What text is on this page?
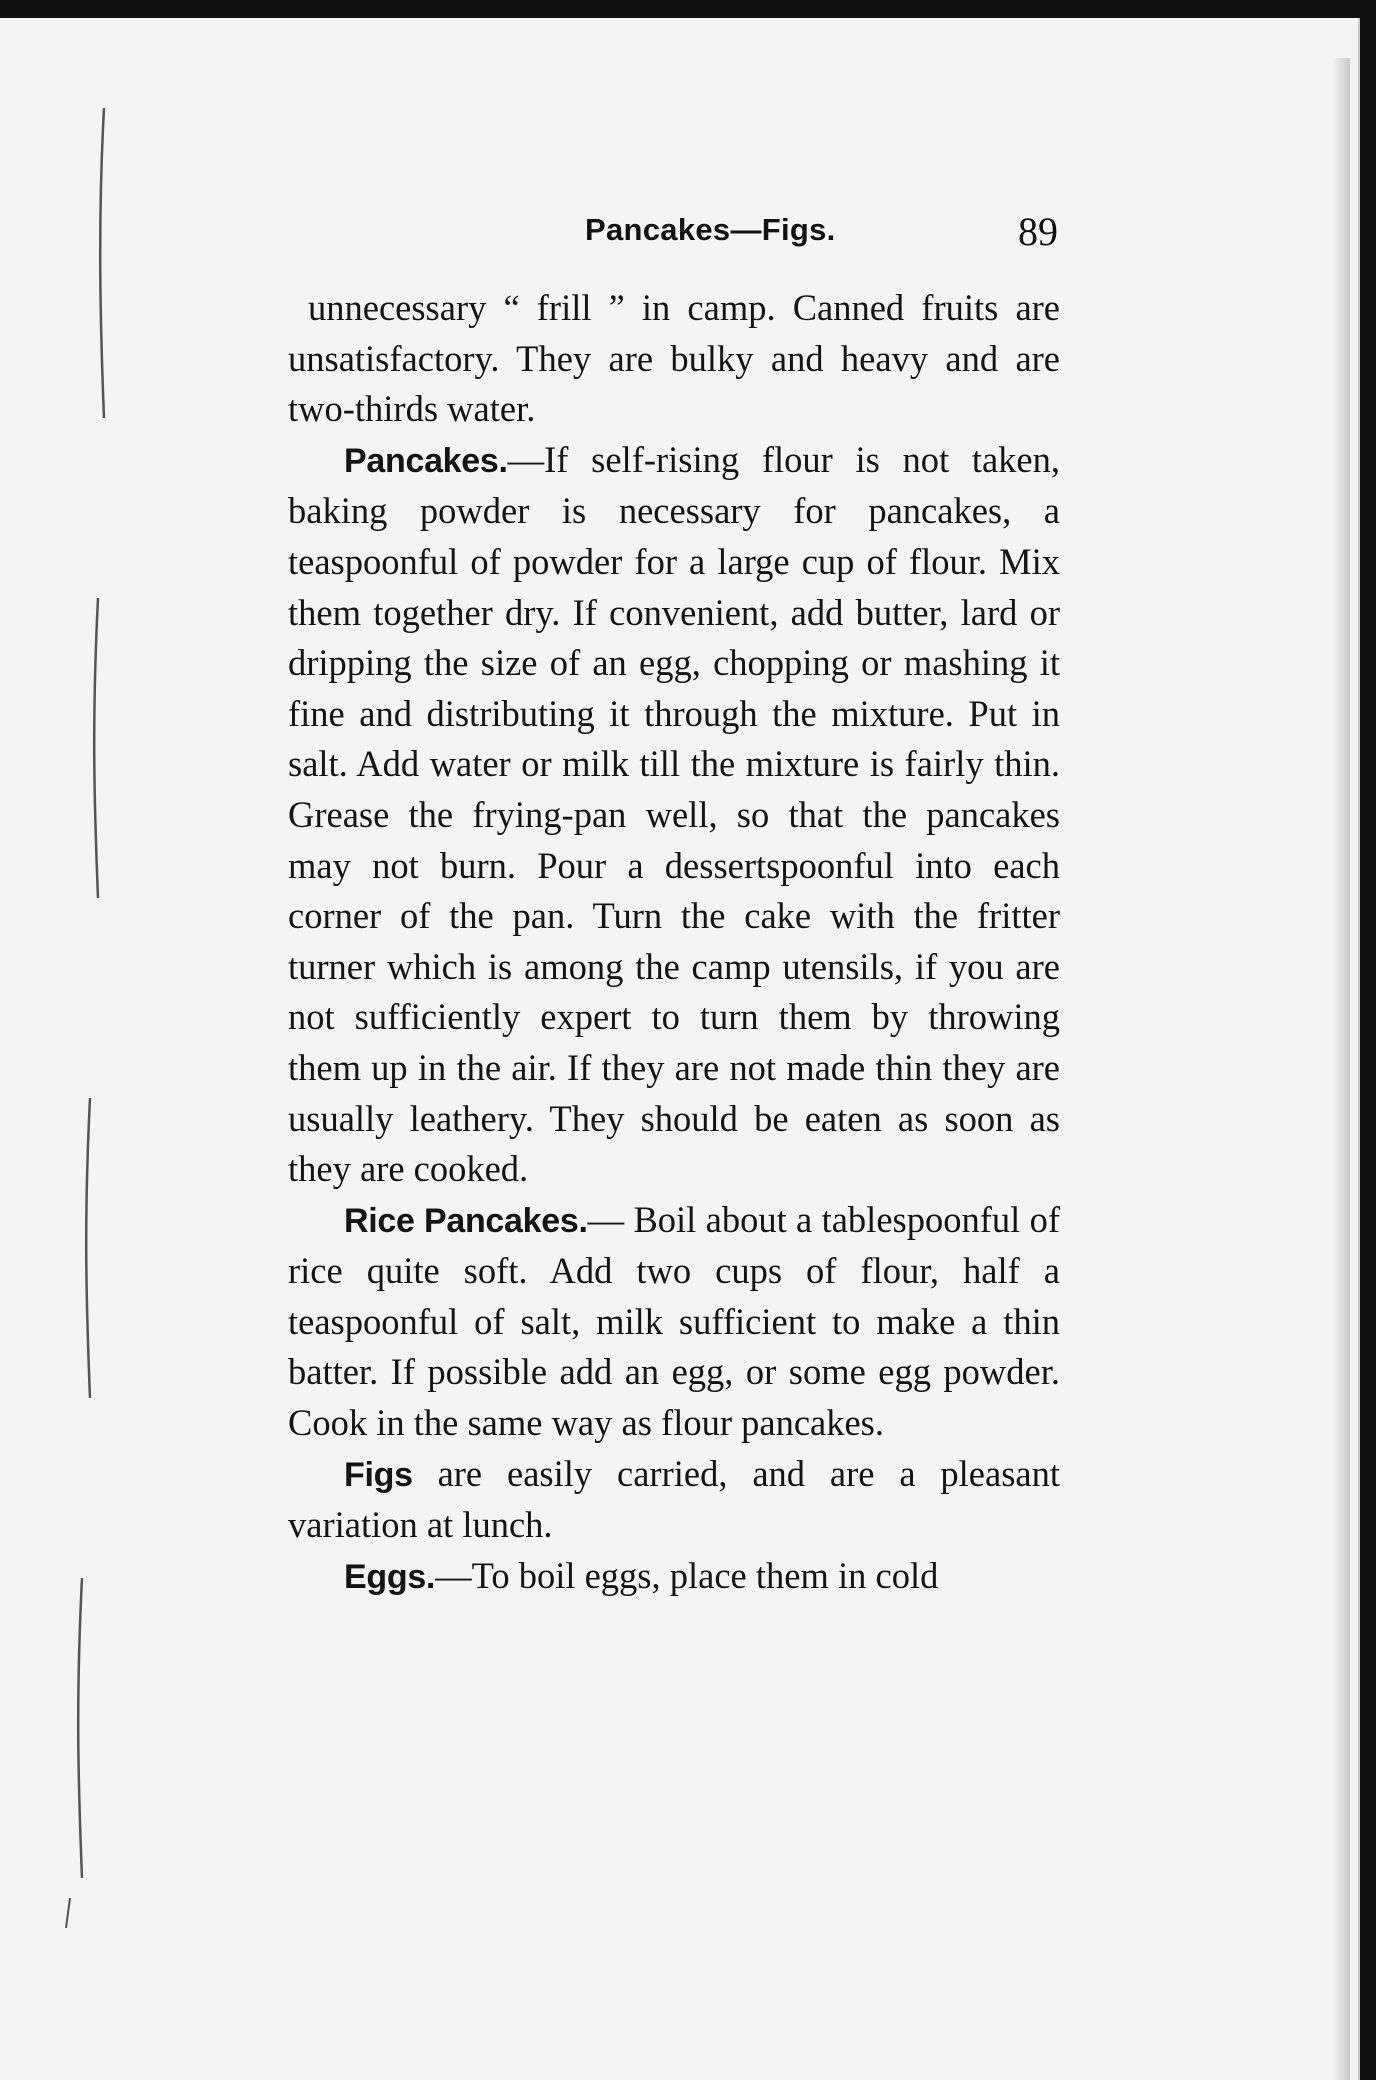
Pancakes—Figs.	89

unnecessary “ frill ” in camp. Canned fruits are unsatisfactory. They are bulky and heavy and are two-thirds water.

Pancakes.—If self-rising flour is not taken, baking powder is necessary for pancakes, a teaspoonful of powder for a large cup of flour. Mix them together dry. If convenient, add butter, lard or dripping the size of an egg, chopping or mashing it fine and distributing it through the mixture. Put in salt. Add water or milk till the mixture is fairly thin. Grease the frying-pan well, so that the pancakes may not burn. Pour a dessertspoonful into each corner of the pan. Turn the cake with the fritter turner which is among the camp utensils, if you are not sufficiently expert to turn them by throwing them up in the air. If they are not made thin they are usually leathery. They should be eaten as soon as they are cooked.

Rice Pancakes.— Boil about a tablespoonful of rice quite soft. Add two cups of flour, half a teaspoonful of salt, milk sufficient to make a thin batter. If possible add an egg, or some egg powder. Cook in the same way as flour pancakes.

Figs are easily carried, and are a pleasant variation at lunch.

Eggs.—To boil eggs, place them in cold
